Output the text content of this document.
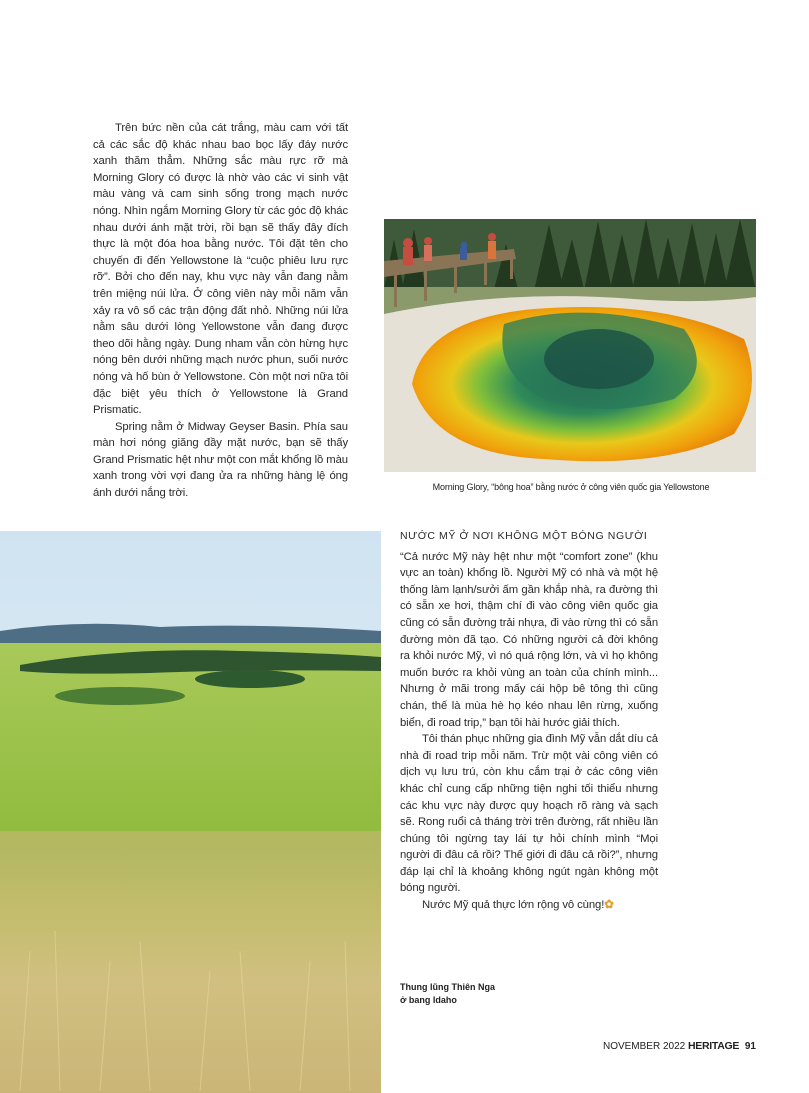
Trên bức nền của cát trắng, màu cam với tất cả các sắc độ khác nhau bao bọc lấy đáy nước xanh thăm thẳm. Những sắc màu rực rỡ mà Morning Glory có được là nhờ vào các vi sinh vật màu vàng và cam sinh sống trong mạch nước nóng. Nhìn ngắm Morning Glory từ các góc độ khác nhau dưới ánh mặt trời, rồi bạn sẽ thấy đây đích thực là một đóa hoa bằng nước. Tôi đặt tên cho chuyến đi đến Yellowstone là “cuộc phiêu lưu rực rỡ”. Bởi cho đến nay, khu vực này vẫn đang nằm trên miệng núi lửa. Ở công viên này mỗi năm vẫn xảy ra vô số các trận động đất nhỏ. Những núi lửa nằm sâu dưới lòng Yellowstone vẫn đang được theo dõi hằng ngày. Dung nham vẫn còn hừng hực nóng bên dưới những mạch nước phun, suối nước nóng và hố bùn ở Yellowstone. Còn một nơi nữa tôi đặc biệt yêu thích ở Yellowstone là Grand Prismatic.

Spring nằm ở Midway Geyser Basin. Phía sau màn hơi nóng giăng đầy mặt nước, bạn sẽ thấy Grand Prismatic hệt như một con mắt khổng lồ màu xanh trong vời vợi đang ửa ra những hàng lệ óng ánh dưới nắng trời.

Morning Glory, “bông hoa” bằng nước ở công viên quốc gia Yellowstone
NƯỚC MỸ Ở NƠI KHÔNG MỘT BÓNG NGƯỜI

“Cả nước Mỹ này hệt như một “comfort zone” (khu vực an toàn) khổng lồ. Người Mỹ có nhà và một hệ thống làm lạnh/sưởi ấm gần khắp nhà, ra đường thì có sẵn xe hơi, thậm chí đi vào công viên quốc gia cũng có sẵn đường trải nhựa, đi vào rừng thì có sẵn đường mòn đã tạo. Có những người cả đời không ra khỏi nước Mỹ, vì nó quá rộng lớn, và vì họ không muốn bước ra khỏi vùng an toàn của chính mình... Nhưng ở mãi trong mấy cái hộp bê tông thì cũng chán, thế là mùa hè họ kéo nhau lên rừng, xuống biển, đi road trip,” bạn tôi hài hước giải thích.

Tôi thán phục những gia đình Mỹ vẫn dắt díu cả nhà đi road trip mỗi năm. Trừ một vài công viên có dịch vụ lưu trú, còn khu cắm trại ở các công viên khác chỉ cung cấp những tiện nghi tối thiểu nhưng các khu vực này được quy hoạch rõ ràng và sạch sẽ. Rong ruổi cả tháng trời trên đường, rất nhiều lần chúng tôi ngừng tay lái tự hỏi chính mình “Mọi người đi đâu cả rồi? Thế giới đi đâu cả rồi?”, nhưng đáp lại chỉ là khoảng không ngút ngàn không một bóng người.

Nước Mỹ quả thực lớn rộng vô cùng!✿

Thung lũng Thiên Nga
ở bang Idaho
NOVEMBER 2022 HERITAGE 91
